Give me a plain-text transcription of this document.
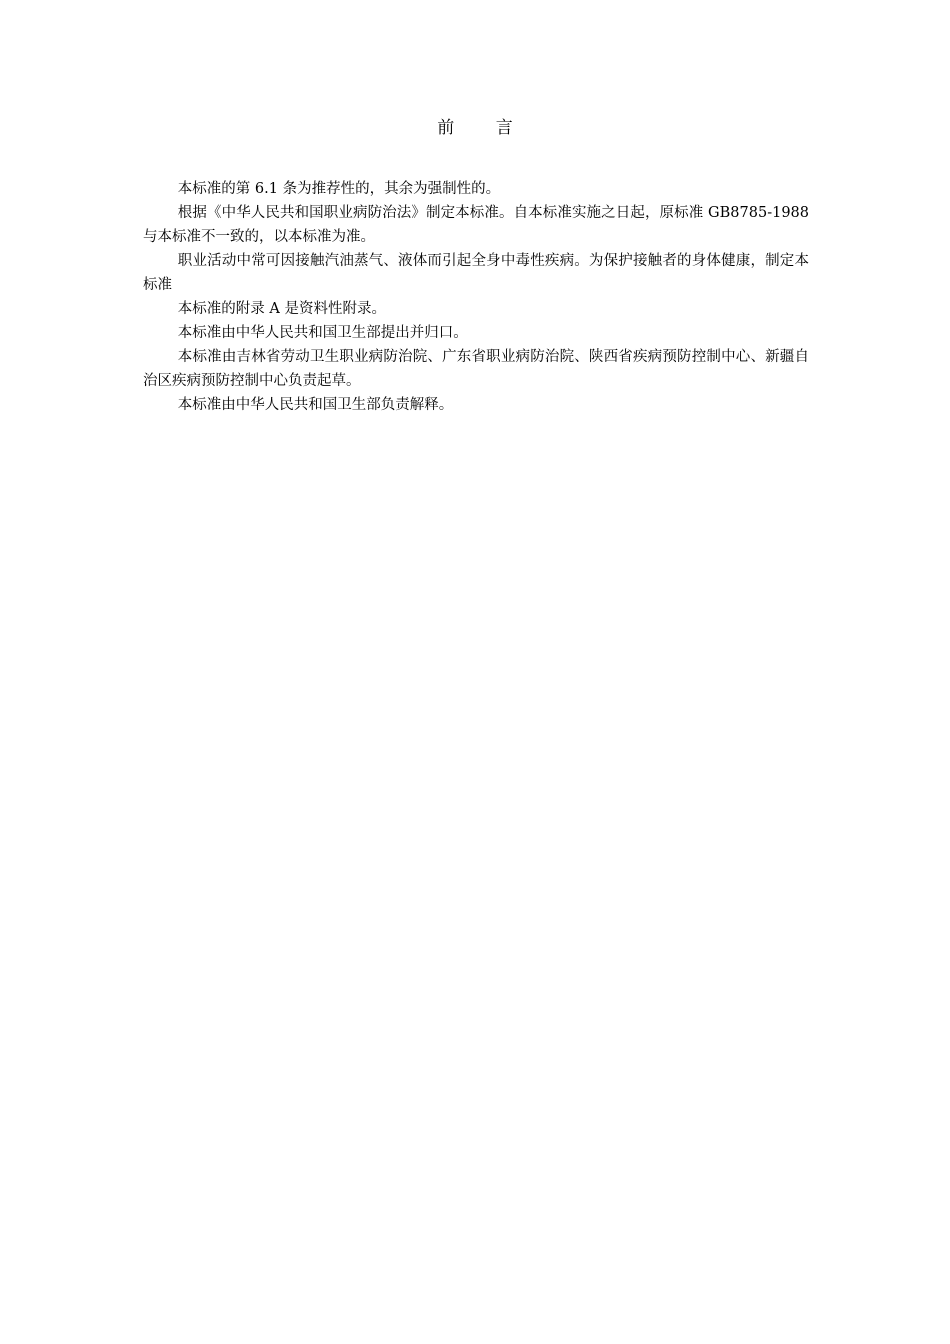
前 言

本标准的第 6.1 条为推荐性的，其余为强制性的。

根据《中华人民共和国职业病防治法》制定本标准。自本标准实施之日起，原标准 GB8785-1988 与本标准不一致的，以本标准为准。

职业活动中常可因接触汽油蒸气、液体而引起全身中毒性疾病。为保护接触者的身体健康，制定本标准

本标准的附录 A 是资料性附录。

本标准由中华人民共和国卫生部提出并归口。

本标准由吉林省劳动卫生职业病防治院、广东省职业病防治院、陕西省疾病预防控制中心、新疆自治区疾病预防控制中心负责起草。

本标准由中华人民共和国卫生部负责解释。
